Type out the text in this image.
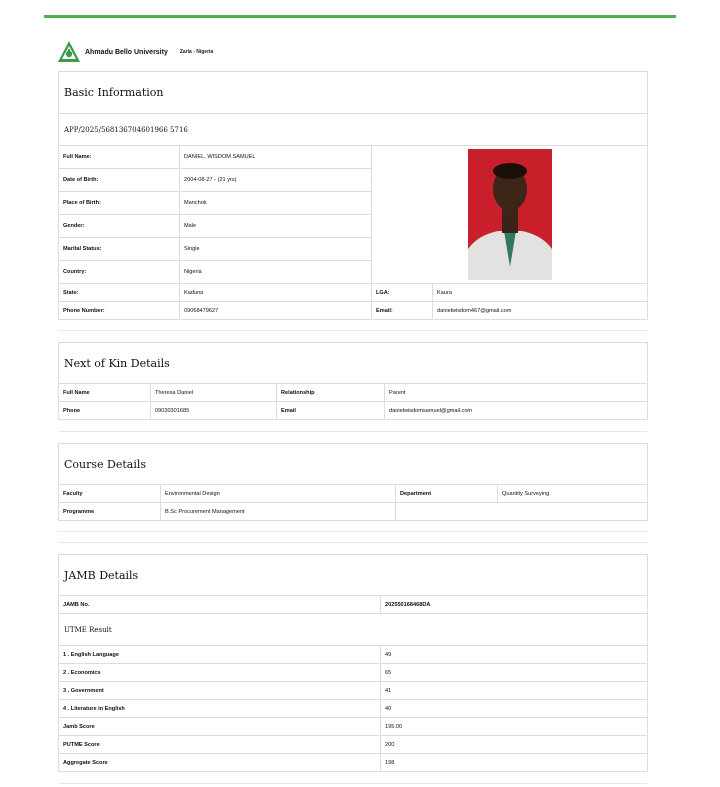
Ahmadu Bello University Zaria - Nigeria
Basic Information			
APP/2025/568136704601966 5716			
Full Name:	DANIEL, WISDOM SAMUEL	

Date of Birth:	2004-08-27 - (21 yrs)		
Place of Birth:	Manchok		
Gender:	Male		
Marital Status:	Single		
Country:	Nigeria		
State:	Kaduna	LGA:	Kaura
Phone Number:	09068479627	Email:	danielwisdom467@gmail.com
Next of Kin Details			
Full Name	Theresa Daniel	Relationship	Parent
Phone	09030301685	Email	danielwisdomsamuel@gmail.com
Course Details			
Faculty	Environmental Design	Department	Quantity Surveying
Programme	B.Sc Procurement Management		
JAMB Details	
JAMB No.	202550168468DA
UTME Result	
1 . English Language	49
2 . Economics	65
3 . Government	41
4 . Literature in English	40
Jamb Score	195.00
PUTME Score	200
Aggregate Score	198
